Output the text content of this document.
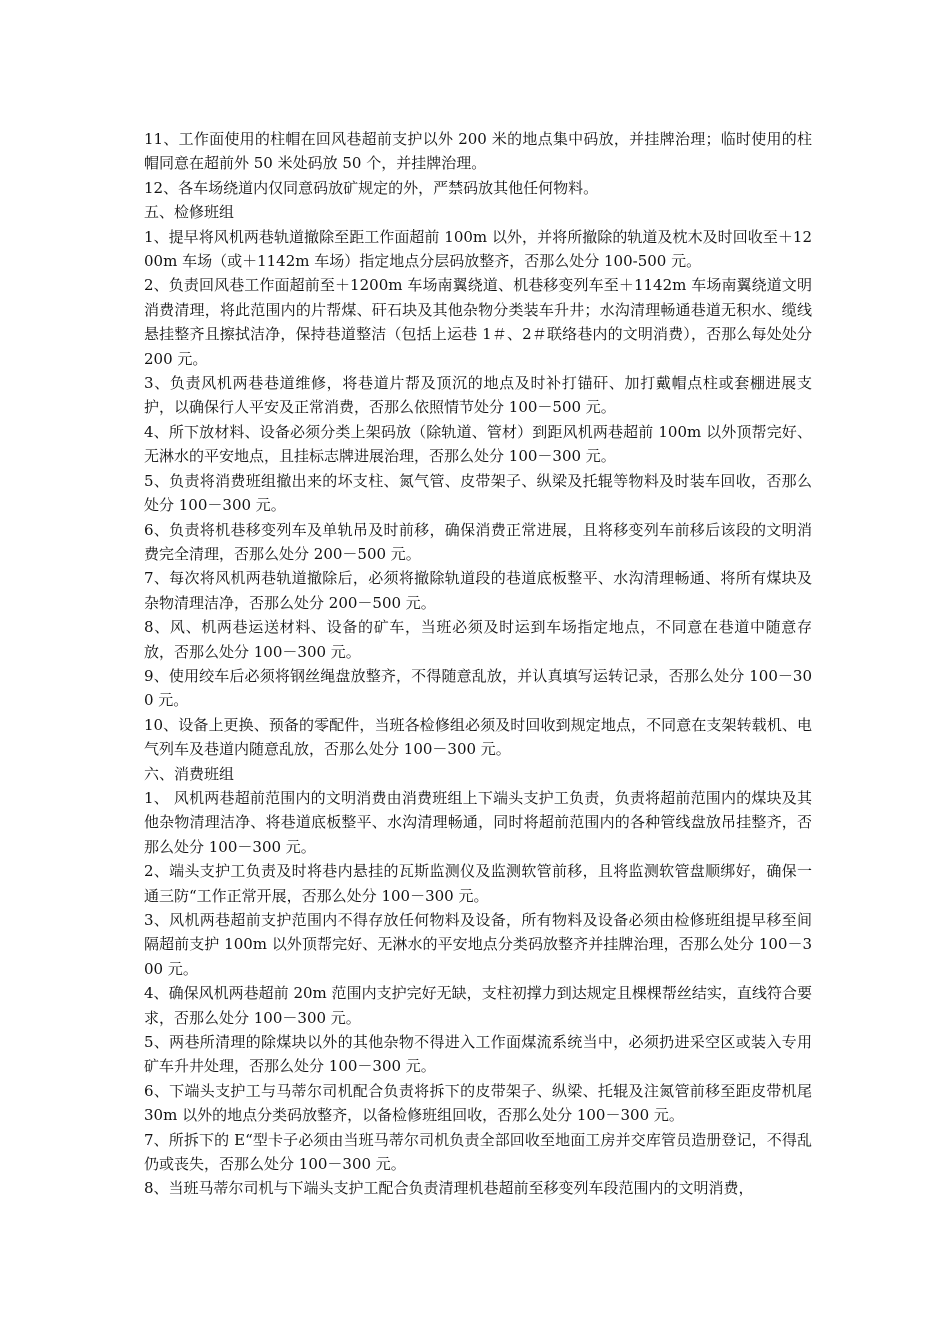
11、工作面使用的柱帽在回风巷超前支护以外 200 米的地点集中码放，并挂牌治理；临时使用的柱帽同意在超前外 50 米处码放 50 个，并挂牌治理。

12、各车场绕道内仅同意码放矿规定的外，严禁码放其他任何物料。

五、检修班组

1、提早将风机两巷轨道撤除至距工作面超前 100m 以外，并将所撤除的轨道及枕木及时回收至＋1200m 车场（或＋1142m 车场）指定地点分层码放整齐，否那么处分 100-500 元。

2、负责回风巷工作面超前至＋1200m 车场南翼绕道、机巷移变列车至＋1142m 车场南翼绕道文明消费清理，将此范围内的片帮煤、矸石块及其他杂物分类装车升井；水沟清理畅通巷道无积水、缆线悬挂整齐且擦拭洁净，保持巷道整洁（包括上运巷 1＃、2＃联络巷内的文明消费），否那么每处处分 200 元。

3、负责风机两巷巷道维修，将巷道片帮及顶沉的地点及时补打锚矸、加打戴帽点柱或套棚进展支护，以确保行人平安及正常消费，否那么依照情节处分 100－500 元。

4、所下放材料、设备必须分类上架码放（除轨道、管材）到距风机两巷超前 100m 以外顶帮完好、无淋水的平安地点，且挂标志牌进展治理，否那么处分 100－300 元。

5、负责将消费班组撤出来的坏支柱、氮气管、皮带架子、纵梁及托辊等物料及时装车回收，否那么处分 100－300 元。

6、负责将机巷移变列车及单轨吊及时前移，确保消费正常进展，且将移变列车前移后该段的文明消费完全清理，否那么处分 200－500 元。

7、每次将风机两巷轨道撤除后，必须将撤除轨道段的巷道底板整平、水沟清理畅通、将所有煤块及杂物清理洁净，否那么处分 200－500 元。

8、风、机两巷运送材料、设备的矿车，当班必须及时运到车场指定地点，不同意在巷道中随意存放，否那么处分 100－300 元。

9、使用绞车后必须将钢丝绳盘放整齐，不得随意乱放，并认真填写运转记录，否那么处分 100－300 元。

10、设备上更换、预备的零配件，当班各检修组必须及时回收到规定地点，不同意在支架转载机、电气列车及巷道内随意乱放，否那么处分 100－300 元。

六、消费班组

1、 风机两巷超前范围内的文明消费由消费班组上下端头支护工负责，负责将超前范围内的煤块及其他杂物清理洁净、将巷道底板整平、水沟清理畅通，同时将超前范围内的各种管线盘放吊挂整齐，否那么处分 100－300 元。

2、端头支护工负责及时将巷内悬挂的瓦斯监测仪及监测软管前移，且将监测软管盘顺绑好，确保一通三防“工作正常开展，否那么处分 100－300 元。

3、风机两巷超前支护范围内不得存放任何物料及设备，所有物料及设备必须由检修班组提早移至间隔超前支护 100m 以外顶帮完好、无淋水的平安地点分类码放整齐并挂牌治理，否那么处分 100－300 元。

4、确保风机两巷超前 20m 范围内支护完好无缺，支柱初撑力到达规定且棵棵帮丝结实，直线符合要求，否那么处分 100－300 元。

5、两巷所清理的除煤块以外的其他杂物不得进入工作面煤流系统当中，必须扔进采空区或装入专用矿车升井处理，否那么处分 100－300 元。

6、下端头支护工与马蒂尔司机配合负责将拆下的皮带架子、纵梁、托辊及注氮管前移至距皮带机尾 30m 以外的地点分类码放整齐，以备检修班组回收，否那么处分 100－300 元。

7、所拆下的 E“型卡子必须由当班马蒂尔司机负责全部回收至地面工房并交库管员造册登记，不得乱仍或丧失，否那么处分 100－300 元。

8、当班马蒂尔司机与下端头支护工配合负责清理机巷超前至移变列车段范围内的文明消费，
